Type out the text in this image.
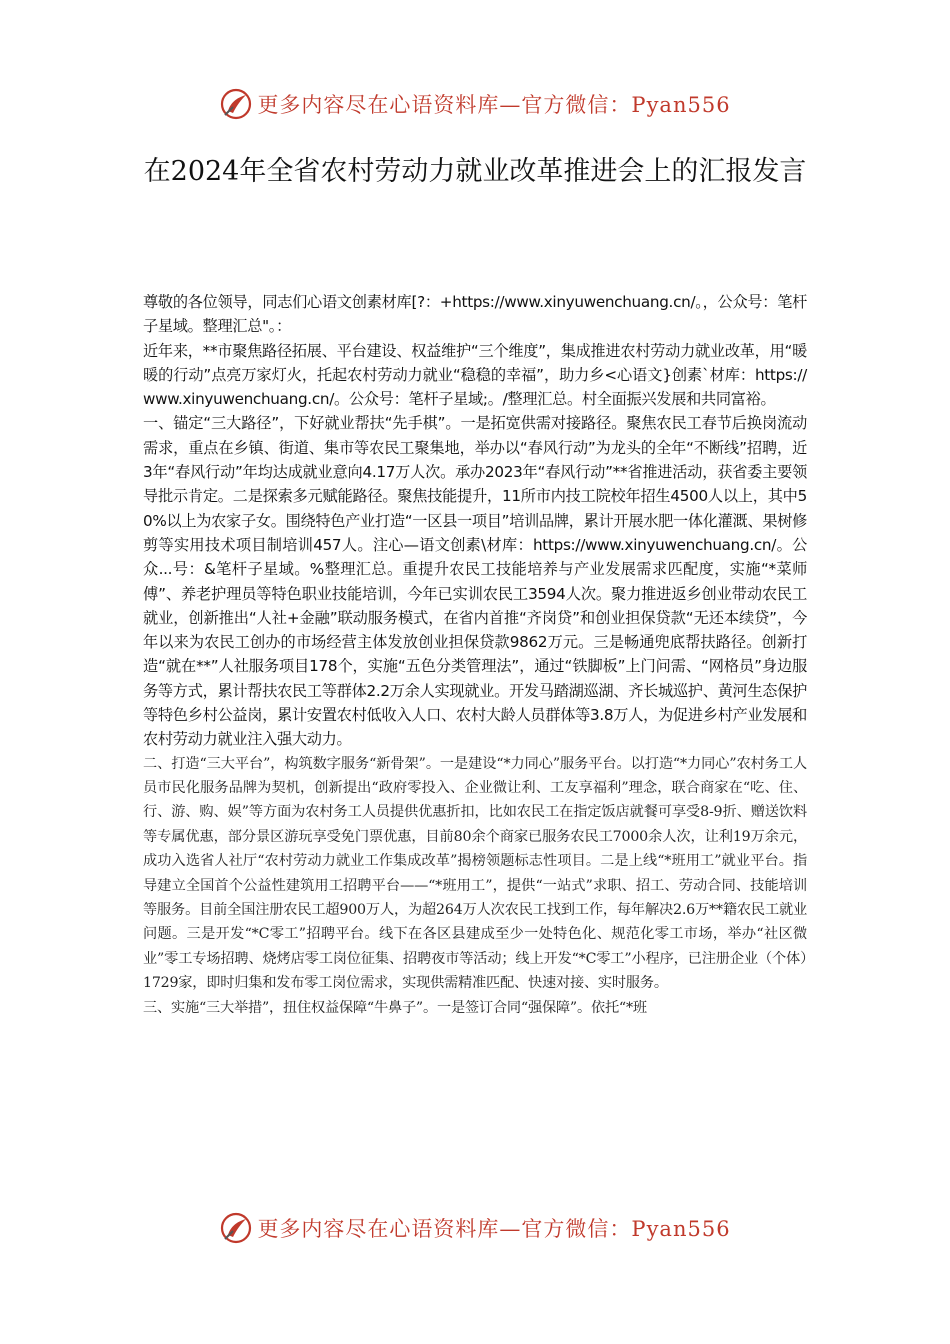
更多内容尽在心语资料库—官方微信：Pyan556
在2024年全省农村劳动力就业改革推进会上的汇报发言

尊敬的各位领导，同志们心语文创素材库[?：+https://www.xinyuwenchuang.cn/。，公众号：笔杆子星域。整理汇总"。：

近年来，**市聚焦路径拓展、平台建设、权益维护“三个维度”，集成推进农村劳动力就业改革，用“暖暖的行动”点亮万家灯火，托起农村劳动力就业“稳稳的幸福”，助力乡<心语文}创素`材库：https://www.xinyuwenchuang.cn/。公众号：笔杆子星域;。/整理汇总。村全面振兴发展和共同富裕。

一、锚定“三大路径”，下好就业帮扶“先手棋”。一是拓宽供需对接路径。聚焦农民工春节后换岗流动需求，重点在乡镇、街道、集市等农民工聚集地，举办以“春风行动”为龙头的全年“不断线”招聘，近3年“春风行动”年均达成就业意向4.17万人次。承办2023年“春风行动”**省推进活动，获省委主要领导批示肯定。二是探索多元赋能路径。聚焦技能提升，11所市内技工院校年招生4500人以上，其中50%以上为农家子女。围绕特色产业打造“一区县一项目”培训品牌，累计开展水肥一体化灌溉、果树修剪等实用技术项目制培训457人。注心—语文创素\材库：https://www.xinyuwenchuang.cn/。公众...号：&笔杆子星域。%整理汇总。重提升农民工技能培养与产业发展需求匹配度，实施“*菜师傅”、养老护理员等特色职业技能培训，今年已实训农民工3594人次。聚力推进返乡创业带动农民工就业，创新推出“人社+金融”联动服务模式，在省内首推“齐岗贷”和创业担保贷款“无还本续贷”，今年以来为农民工创办的市场经营主体发放创业担保贷款9862万元。三是畅通兜底帮扶路径。创新打造“就在**”人社服务项目178个，实施“五色分类管理法”，通过“铁脚板”上门问需、“网格员”身边服务等方式，累计帮扶农民工等群体2.2万余人实现就业。开发马踏湖巡湖、齐长城巡护、黄河生态保护等特色乡村公益岗，累计安置农村低收入人口、农村大龄人员群体等3.8万人，为促进乡村产业发展和农村劳动力就业注入强大动力。

二、打造“三大平台”，构筑数字服务“新骨架”。一是建设“*力同心”服务平台。以打造“*力同心”农村务工人员市民化服务品牌为契机，创新提出“政府零投入、企业微让利、工友享福利”理念，联合商家在“吃、住、行、游、购、娱”等方面为农村务工人员提供优惠折扣，比如农民工在指定饭店就餐可享受8-9折、赠送饮料等专属优惠，部分景区游玩享受免门票优惠，目前80余个商家已服务农民工7000余人次，让利19万余元，成功入选省人社厅“农村劳动力就业工作集成改革”揭榜领题标志性项目。二是上线“*班用工”就业平台。指导建立全国首个公益性建筑用工招聘平台——“*班用工”，提供“一站式”求职、招工、劳动合同、技能培训等服务。目前全国注册农民工超900万人，为超264万人次农民工找到工作，每年解决2.6万**籍农民工就业问题。三是开发“*C零工”招聘平台。线下在各区县建成至少一处特色化、规范化零工市场，举办“社区微业”零工专场招聘、烧烤店零工岗位征集、招聘夜市等活动；线上开发“*C零工”小程序，已注册企业（个体）1729家，即时归集和发布零工岗位需求，实现供需精准匹配、快速对接、实时服务。

三、实施“三大举措”，扭住权益保障“牛鼻子”。一是签订合同“强保障”。依托“*班

更多内容尽在心语资料库—官方微信：Pyan556
